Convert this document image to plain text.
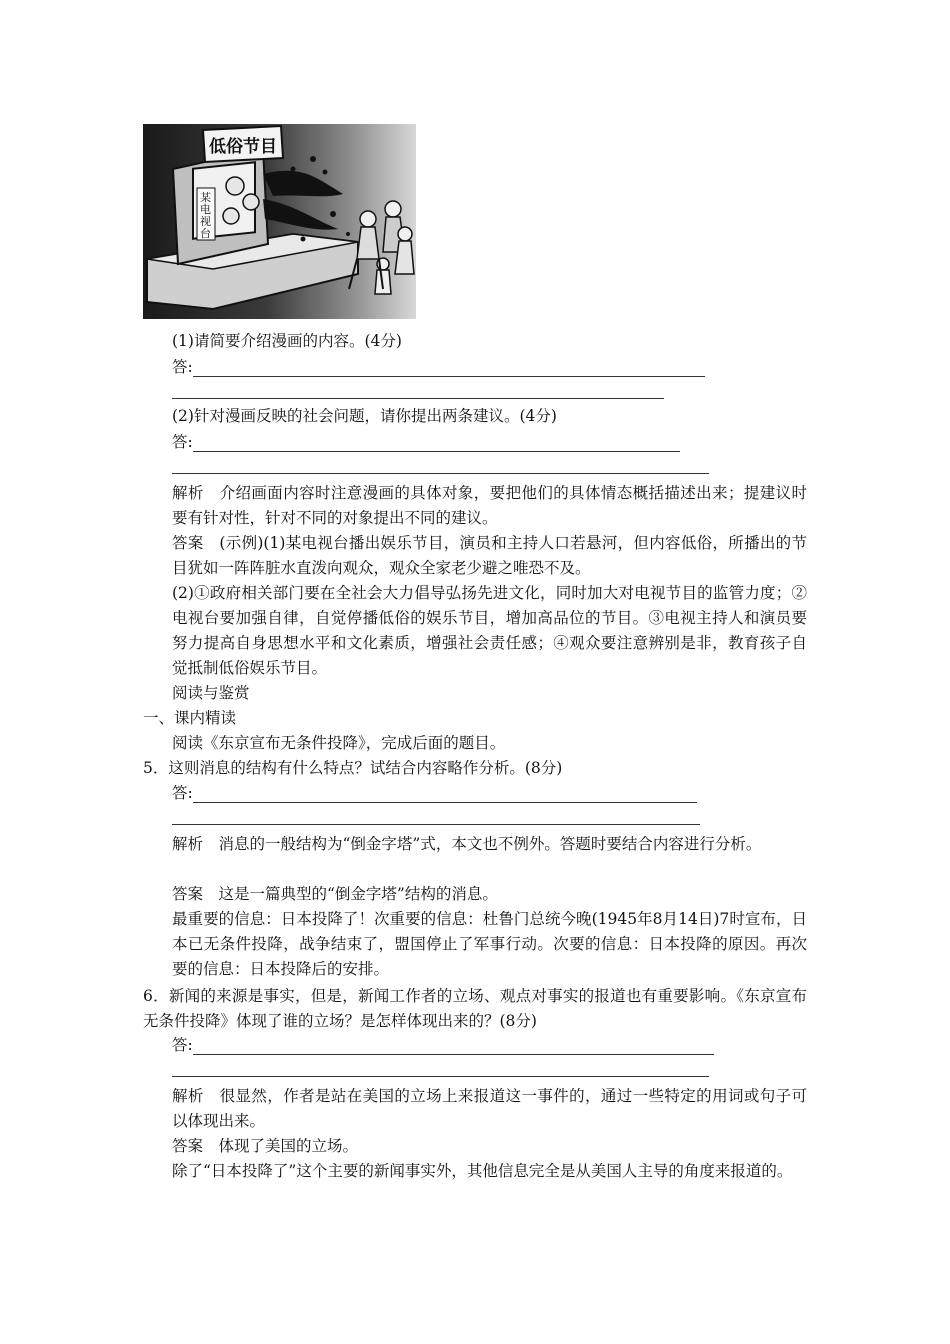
低俗节目
某电视台
(1)请简要介绍漫画的内容。(4分)
答:
(2)针对漫画反映的社会问题，请你提出两条建议。(4分)
答:
解析　介绍画面内容时注意漫画的具体对象，要把他们的具体情态概括描述出来；提建议时要有针对性，针对不同的对象提出不同的建议。
答案　(示例)(1)某电视台播出娱乐节目，演员和主持人口若悬河，但内容低俗，所播出的节目犹如一阵阵脏水直泼向观众，观众全家老少避之唯恐不及。
(2)①政府相关部门要在全社会大力倡导弘扬先进文化，同时加大对电视节目的监管力度；②电视台要加强自律，自觉停播低俗的娱乐节目，增加高品位的节目。③电视主持人和演员要努力提高自身思想水平和文化素质，增强社会责任感；④观众要注意辨别是非，教育孩子自觉抵制低俗娱乐节目。
阅读与鉴赏
一、课内精读
阅读《东京宣布无条件投降》，完成后面的题目。
5．这则消息的结构有什么特点？试结合内容略作分析。(8分)
答:
解析　消息的一般结构为“倒金字塔”式，本文也不例外。答题时要结合内容进行分析。
答案　这是一篇典型的“倒金字塔”结构的消息。
最重要的信息：日本投降了！次重要的信息：杜鲁门总统今晚(1945年8月14日)7时宣布，日本已无条件投降，战争结束了，盟国停止了军事行动。次要的信息：日本投降的原因。再次要的信息：日本投降后的安排。
6．新闻的来源是事实，但是，新闻工作者的立场、观点对事实的报道也有重要影响。《东京宣布无条件投降》体现了谁的立场？是怎样体现出来的？(8分)
答:
解析　很显然，作者是站在美国的立场上来报道这一事件的，通过一些特定的用词或句子可以体现出来。
答案　体现了美国的立场。
除了“日本投降了”这个主要的新闻事实外，其他信息完全是从美国人主导的角度来报道的。
